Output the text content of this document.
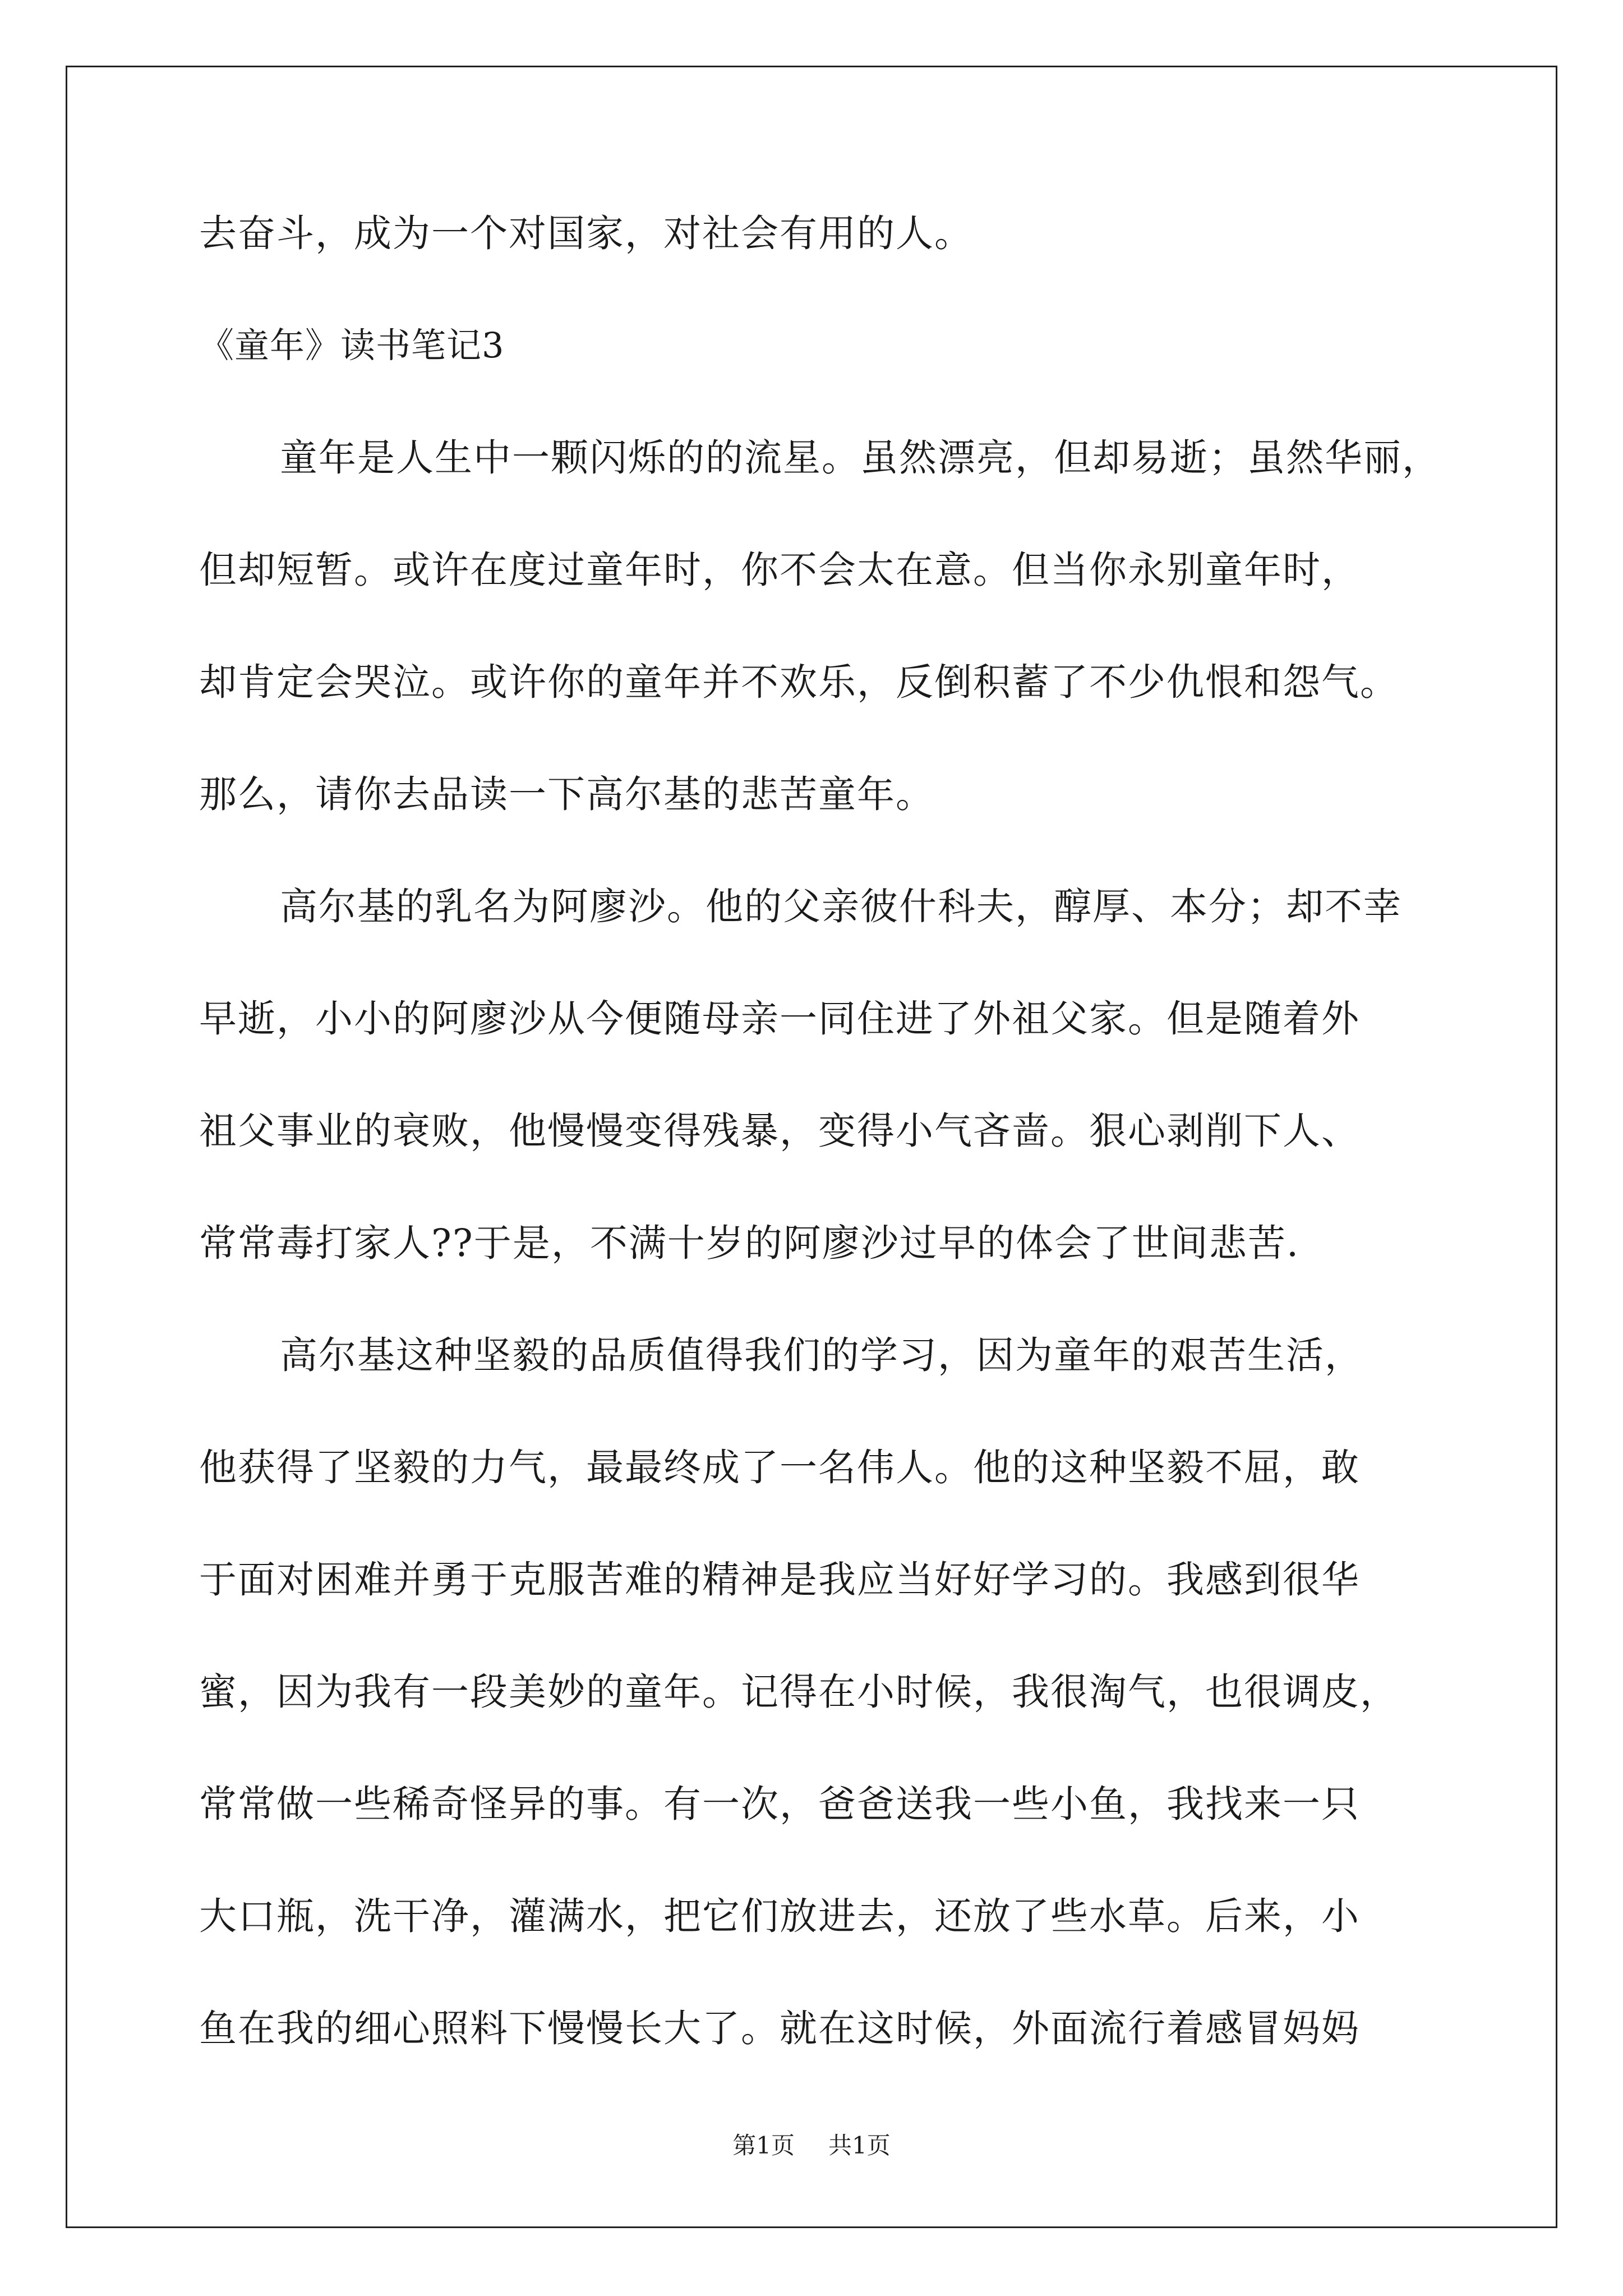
去奋斗，成为一个对国家，对社会有用的人。
《童年》读书笔记3
童年是人生中一颗闪烁的的流星。虽然漂亮，但却易逝；虽然华丽，
但却短暂。或许在度过童年时，你不会太在意。但当你永别童年时，
却肯定会哭泣。或许你的童年并不欢乐，反倒积蓄了不少仇恨和怨气。
那么，请你去品读一下高尔基的悲苦童年。
高尔基的乳名为阿廖沙。他的父亲彼什科夫，醇厚、本分；却不幸
早逝，小小的阿廖沙从今便随母亲一同住进了外祖父家。但是随着外
祖父事业的衰败，他慢慢变得残暴，变得小气吝啬。狠心剥削下人、
常常毒打家人??于是，不满十岁的阿廖沙过早的体会了世间悲苦.
高尔基这种坚毅的品质值得我们的学习，因为童年的艰苦生活，
他获得了坚毅的力气，最最终成了一名伟人。他的这种坚毅不屈，敢
于面对困难并勇于克服苦难的精神是我应当好好学习的。我感到很华
蜜，因为我有一段美妙的童年。记得在小时候，我很淘气，也很调皮，
常常做一些稀奇怪异的事。有一次，爸爸送我一些小鱼，我找来一只
大口瓶，洗干净，灌满水，把它们放进去，还放了些水草。后来，小
鱼在我的细心照料下慢慢长大了。就在这时候，外面流行着感冒妈妈
第1页 共1页
